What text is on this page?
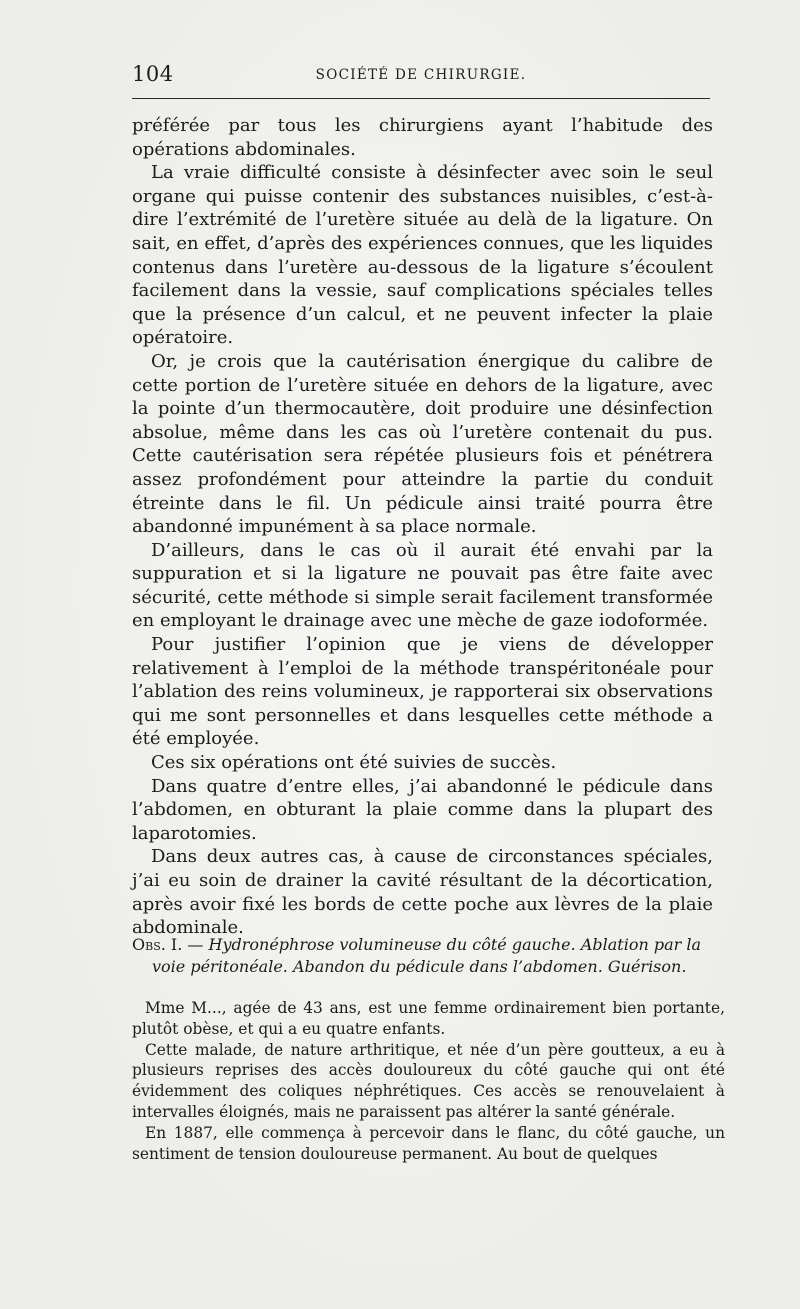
104	SOCIÉTÉ DE CHIRURGIE.

préférée par tous les chirurgiens ayant l’habitude des opérations abdominales.

La vraie difficulté consiste à désinfecter avec soin le seul organe qui puisse contenir des substances nuisibles, c’est-à-dire l’extrémité de l’uretère située au delà de la ligature. On sait, en effet, d’après des expériences connues, que les liquides contenus dans l’uretère au-dessous de la ligature s’écoulent facilement dans la vessie, sauf complications spéciales telles que la présence d’un calcul, et ne peuvent infecter la plaie opératoire.

Or, je crois que la cautérisation énergique du calibre de cette portion de l’uretère située en dehors de la ligature, avec la pointe d’un thermocautère, doit produire une désinfection absolue, même dans les cas où l’uretère contenait du pus. Cette cautérisation sera répétée plusieurs fois et pénétrera assez profondément pour atteindre la partie du conduit étreinte dans le fil. Un pédicule ainsi traité pourra être abandonné impunément à sa place normale.

D’ailleurs, dans le cas où il aurait été envahi par la suppuration et si la ligature ne pouvait pas être faite avec sécurité, cette méthode si simple serait facilement transformée en employant le drainage avec une mèche de gaze iodoformée.

Pour justifier l’opinion que je viens de développer relativement à l’emploi de la méthode transpéritonéale pour l’ablation des reins volumineux, je rapporterai six observations qui me sont personnelles et dans lesquelles cette méthode a été employée.

Ces six opérations ont été suivies de succès.

Dans quatre d’entre elles, j’ai abandonné le pédicule dans l’abdomen, en obturant la plaie comme dans la plupart des laparotomies.

Dans deux autres cas, à cause de circonstances spéciales, j’ai eu soin de drainer la cavité résultant de la décortication, après avoir fixé les bords de cette poche aux lèvres de la plaie abdominale.

Obs. I. — Hydronéphrose volumineuse du côté gauche. Ablation par la
voie péritonéale. Abandon du pédicule dans l’abdomen. Guérison.

Mme M..., agée de 43 ans, est une femme ordinairement bien portante, plutôt obèse, et qui a eu quatre enfants.

Cette malade, de nature arthritique, et née d’un père goutteux, a eu à plusieurs reprises des accès douloureux du côté gauche qui ont été évidemment des coliques néphrétiques. Ces accès se renouvelaient à intervalles éloignés, mais ne paraissent pas altérer la santé générale.

En 1887, elle commença à percevoir dans le flanc, du côté gauche, un sentiment de tension douloureuse permanent. Au bout de quelques
